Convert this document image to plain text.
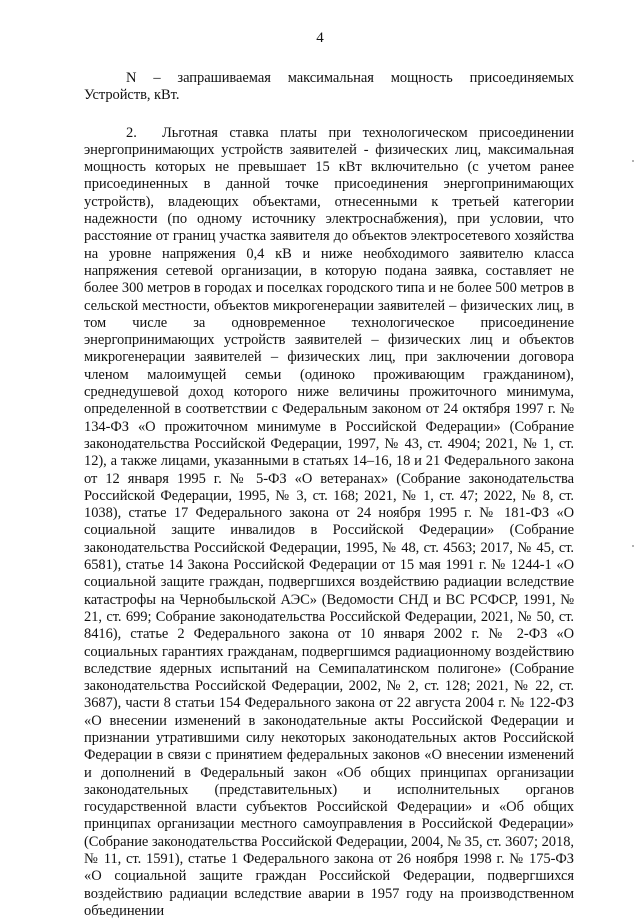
4

N – запрашиваемая максимальная мощность присоединяемых Устройств, кВт.

2. Льготная ставка платы при технологическом присоединении энергопринимающих устройств заявителей - физических лиц, максимальная мощность которых не превышает 15 кВт включительно (с учетом ранее присоединенных в данной точке присоединения энергопринимающих устройств), владеющих объектами, отнесенными к третьей категории надежности (по одному источнику электроснабжения), при условии, что расстояние от границ участка заявителя до объектов электросетевого хозяйства на уровне напряжения 0,4 кВ и ниже необходимого заявителю класса напряжения сетевой организации, в которую подана заявка, составляет не более 300 метров в городах и поселках городского типа и не более 500 метров в сельской местности, объектов микрогенерации заявителей – физических лиц, в том числе за одновременное технологическое присоединение энергопринимающих устройств заявителей – физических лиц и объектов микрогенерации заявителей – физических лиц, при заключении договора членом малоимущей семьи (одиноко проживающим гражданином), среднедушевой доход которого ниже величины прожиточного минимума, определенной в соответствии с Федеральным законом от 24 октября 1997 г. № 134-ФЗ «О прожиточном минимуме в Российской Федерации» (Собрание законодательства Российской Федерации, 1997, № 43, ст. 4904; 2021, № 1, ст. 12), а также лицами, указанными в статьях 14–16, 18 и 21 Федерального закона от 12 января 1995 г. № 5-ФЗ «О ветеранах» (Собрание законодательства Российской Федерации, 1995, № 3, ст. 168; 2021, № 1, ст. 47; 2022, № 8, ст. 1038), статье 17 Федерального закона от 24 ноября 1995 г. № 181-ФЗ «О социальной защите инвалидов в Российской Федерации» (Собрание законодательства Российской Федерации, 1995, № 48, ст. 4563; 2017, № 45, ст. 6581), статье 14 Закона Российской Федерации от 15 мая 1991 г. № 1244-1 «О социальной защите граждан, подвергшихся воздействию радиации вследствие катастрофы на Чернобыльской АЭС» (Ведомости СНД и ВС РСФСР, 1991, № 21, ст. 699; Собрание законодательства Российской Федерации, 2021, № 50, ст. 8416), статье 2 Федерального закона от 10 января 2002 г. № 2-ФЗ «О социальных гарантиях гражданам, подвергшимся радиационному воздействию вследствие ядерных испытаний на Семипалатинском полигоне» (Собрание законодательства Российской Федерации, 2002, № 2, ст. 128; 2021, № 22, ст. 3687), части 8 статьи 154 Федерального закона от 22 августа 2004 г. № 122-ФЗ «О внесении изменений в законодательные акты Российской Федерации и признании утратившими силу некоторых законодательных актов Российской Федерации в связи с принятием федеральных законов «О внесении изменений и дополнений в Федеральный закон «Об общих принципах организации законодательных (представительных) и исполнительных органов государственной власти субъектов Российской Федерации» и «Об общих принципах организации местного самоуправления в Российской Федерации» (Собрание законодательства Российской Федерации, 2004, № 35, ст. 3607; 2018, № 11, ст. 1591), статье 1 Федерального закона от 26 ноября 1998 г. № 175-ФЗ «О социальной защите граждан Российской Федерации, подвергшихся воздействию радиации вследствие аварии в 1957 году на производственном объединении
